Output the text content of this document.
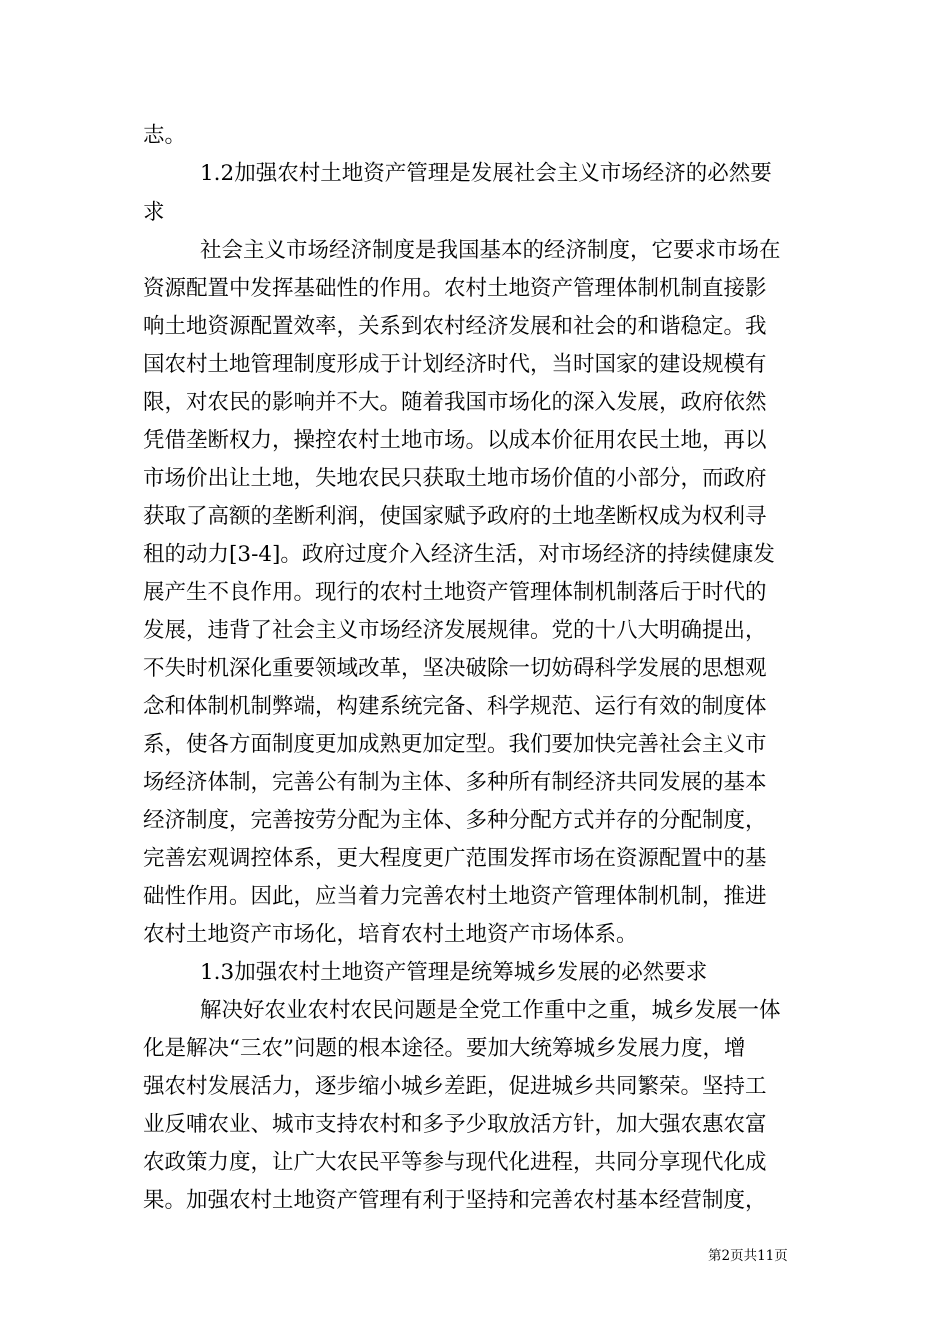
志。
1.2加强农村土地资产管理是发展社会主义市场经济的必然要
求
社会主义市场经济制度是我国基本的经济制度，它要求市场在
资源配置中发挥基础性的作用。农村土地资产管理体制机制直接影
响土地资源配置效率，关系到农村经济发展和社会的和谐稳定。我
国农村土地管理制度形成于计划经济时代，当时国家的建设规模有
限，对农民的影响并不大。随着我国市场化的深入发展，政府依然
凭借垄断权力，操控农村土地市场。以成本价征用农民土地，再以
市场价出让土地，失地农民只获取土地市场价值的小部分，而政府
获取了高额的垄断利润，使国家赋予政府的土地垄断权成为权利寻
租的动力[3-4]。政府过度介入经济生活，对市场经济的持续健康发
展产生不良作用。现行的农村土地资产管理体制机制落后于时代的
发展，违背了社会主义市场经济发展规律。党的十八大明确提出，
不失时机深化重要领域改革，坚决破除一切妨碍科学发展的思想观
念和体制机制弊端，构建系统完备、科学规范、运行有效的制度体
系，使各方面制度更加成熟更加定型。我们要加快完善社会主义市
场经济体制，完善公有制为主体、多种所有制经济共同发展的基本
经济制度，完善按劳分配为主体、多种分配方式并存的分配制度，
完善宏观调控体系，更大程度更广范围发挥市场在资源配置中的基
础性作用。因此，应当着力完善农村土地资产管理体制机制，推进
农村土地资产市场化，培育农村土地资产市场体系。
1.3加强农村土地资产管理是统筹城乡发展的必然要求
解决好农业农村农民问题是全党工作重中之重，城乡发展一体
化是解决“三农”问题的根本途径。要加大统筹城乡发展力度，增
强农村发展活力，逐步缩小城乡差距，促进城乡共同繁荣。坚持工
业反哺农业、城市支持农村和多予少取放活方针，加大强农惠农富
农政策力度，让广大农民平等参与现代化进程，共同分享现代化成
果。加强农村土地资产管理有利于坚持和完善农村基本经营制度，
第2页共11页
